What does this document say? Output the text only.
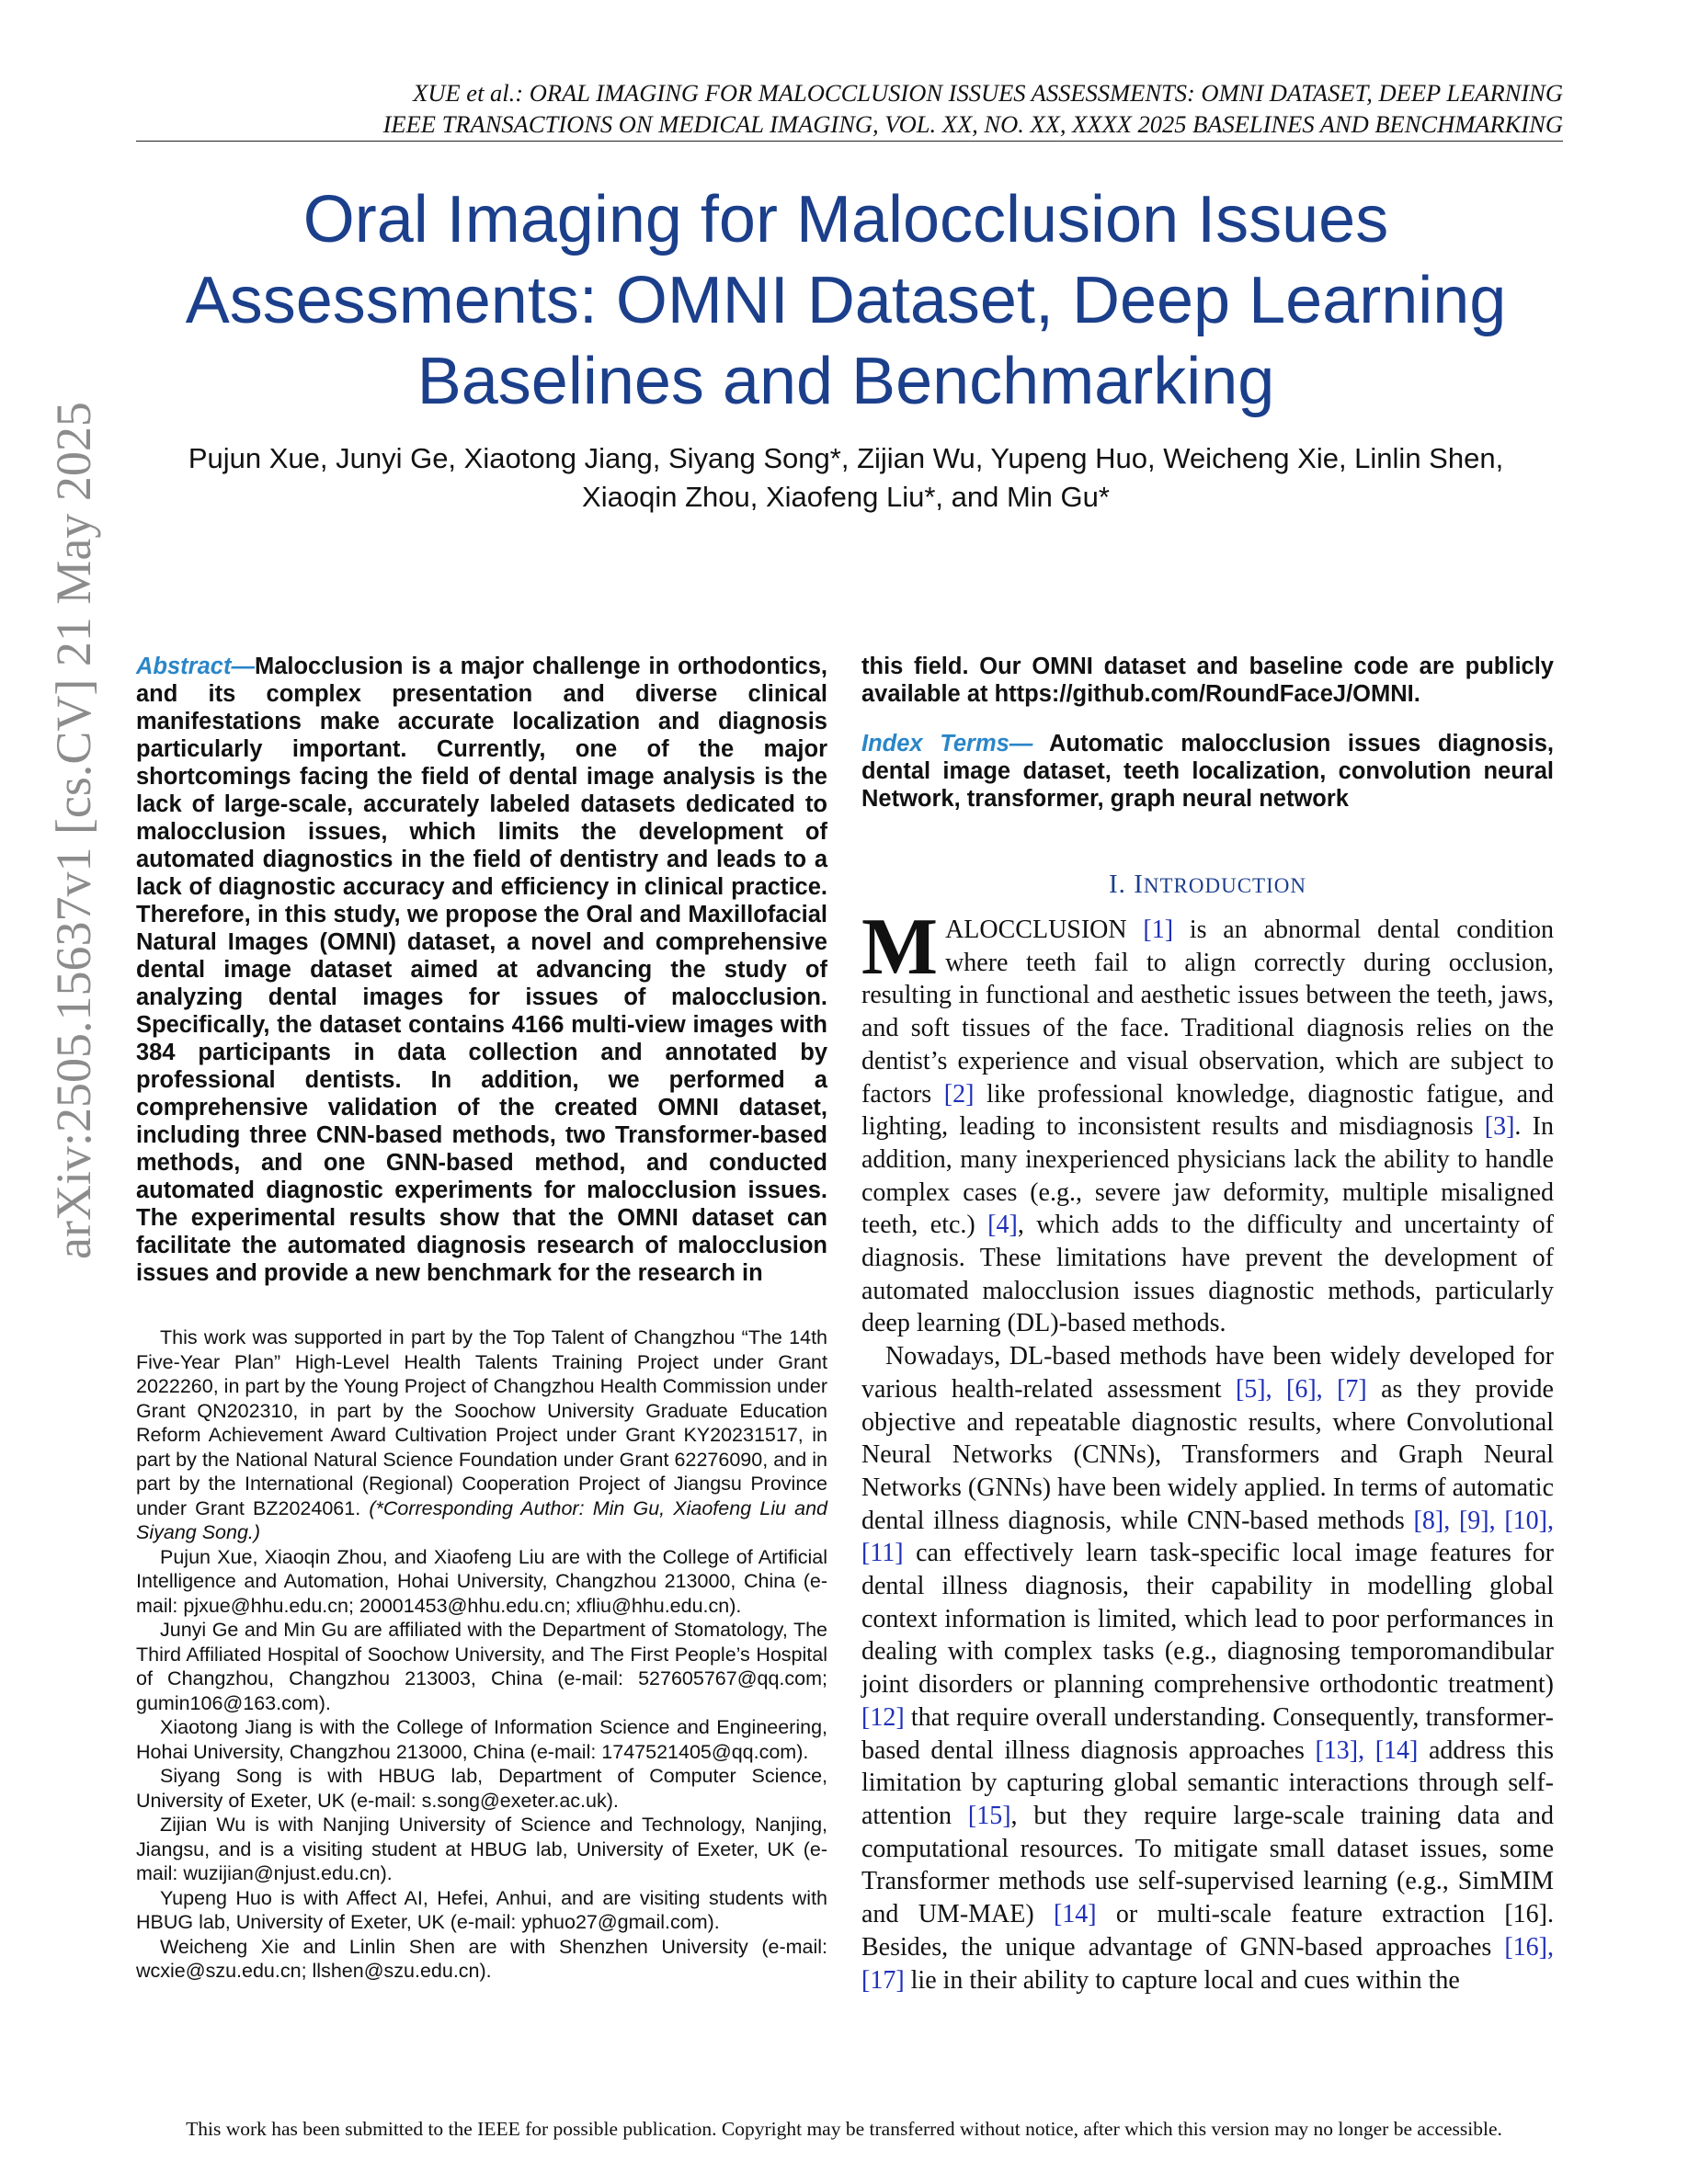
XUE et al.: ORAL IMAGING FOR MALOCCLUSION ISSUES ASSESSMENTS: OMNI DATASET, DEEP LEARNING
IEEE TRANSACTIONS ON MEDICAL IMAGING, VOL. XX, NO. XX, XXXX 2025 BASELINES AND BENCHMARKING
arXiv:2505.15637v1 [cs.CV] 21 May 2025
Oral Imaging for Malocclusion Issues Assessments: OMNI Dataset, Deep Learning Baselines and Benchmarking
Pujun Xue, Junyi Ge, Xiaotong Jiang, Siyang Song*, Zijian Wu, Yupeng Huo, Weicheng Xie, Linlin Shen,
Xiaoqin Zhou, Xiaofeng Liu*, and Min Gu*
Abstract—Malocclusion is a major challenge in orthodontics, and its complex presentation and diverse clinical manifestations make accurate localization and diagnosis particularly important. Currently, one of the major shortcomings facing the field of dental image analysis is the lack of large-scale, accurately labeled datasets dedicated to malocclusion issues, which limits the development of automated diagnostics in the field of dentistry and leads to a lack of diagnostic accuracy and efficiency in clinical practice. Therefore, in this study, we propose the Oral and Maxillofacial Natural Images (OMNI) dataset, a novel and comprehensive dental image dataset aimed at advancing the study of analyzing dental images for issues of malocclusion. Specifically, the dataset contains 4166 multi-view images with 384 participants in data collection and annotated by professional dentists. In addition, we performed a comprehensive validation of the created OMNI dataset, including three CNN-based methods, two Transformer-based methods, and one GNN-based method, and conducted automated diagnostic experiments for malocclusion issues. The experimental results show that the OMNI dataset can facilitate the automated diagnosis research of malocclusion issues and provide a new benchmark for the research in
this field. Our OMNI dataset and baseline code are publicly available at https://github.com/RoundFaceJ/OMNI.
Index Terms— Automatic malocclusion issues diagnosis, dental image dataset, teeth localization, convolution neural Network, transformer, graph neural network

This work was supported in part by the Top Talent of Changzhou “The 14th Five-Year Plan” High-Level Health Talents Training Project under Grant 2022260, in part by the Young Project of Changzhou Health Commission under Grant QN202310, in part by the Soochow University Graduate Education Reform Achievement Award Cultivation Project under Grant KY20231517, in part by the National Natural Science Foundation under Grant 62276090, and in part by the International (Regional) Cooperation Project of Jiangsu Province under Grant BZ2024061. (*Corresponding Author: Min Gu, Xiaofeng Liu and Siyang Song.)

Pujun Xue, Xiaoqin Zhou, and Xiaofeng Liu are with the College of Artificial Intelligence and Automation, Hohai University, Changzhou 213000, China (e-mail: pjxue@hhu.edu.cn; 20001453@hhu.edu.cn; xfliu@hhu.edu.cn).

Junyi Ge and Min Gu are affiliated with the Department of Stomatology, The Third Affiliated Hospital of Soochow University, and The First People’s Hospital of Changzhou, Changzhou 213003, China (e-mail: 527605767@qq.com; gumin106@163.com).

Xiaotong Jiang is with the College of Information Science and Engineering, Hohai University, Changzhou 213000, China (e-mail: 1747521405@qq.com).

Siyang Song is with HBUG lab, Department of Computer Science, University of Exeter, UK (e-mail: s.song@exeter.ac.uk).

Zijian Wu is with Nanjing University of Science and Technology, Nanjing, Jiangsu, and is a visiting student at HBUG lab, University of Exeter, UK (e-mail: wuzijian@njust.edu.cn).

Yupeng Huo is with Affect AI, Hefei, Anhui, and are visiting students with HBUG lab, University of Exeter, UK (e-mail: yphuo27@gmail.com).

Weicheng Xie and Linlin Shen are with Shenzhen University (e-mail: wcxie@szu.edu.cn; llshen@szu.edu.cn).

I. INTRODUCTION

MALOCCLUSION [1] is an abnormal dental condition where teeth fail to align correctly during occlusion, resulting in functional and aesthetic issues between the teeth, jaws, and soft tissues of the face. Traditional diagnosis relies on the dentist’s experience and visual observation, which are subject to factors [2] like professional knowledge, diagnostic fatigue, and lighting, leading to inconsistent results and misdiagnosis [3]. In addition, many inexperienced physicians lack the ability to handle complex cases (e.g., severe jaw deformity, multiple misaligned teeth, etc.) [4], which adds to the difficulty and uncertainty of diagnosis. These limitations have prevent the development of automated malocclusion issues diagnostic methods, particularly deep learning (DL)-based methods.

Nowadays, DL-based methods have been widely developed for various health-related assessment [5], [6], [7] as they provide objective and repeatable diagnostic results, where Convolutional Neural Networks (CNNs), Transformers and Graph Neural Networks (GNNs) have been widely applied. In terms of automatic dental illness diagnosis, while CNN-based methods [8], [9], [10], [11] can effectively learn task-specific local image features for dental illness diagnosis, their capability in modelling global context information is limited, which lead to poor performances in dealing with complex tasks (e.g., diagnosing temporomandibular joint disorders or planning comprehensive orthodontic treatment) [12] that require overall understanding. Consequently, transformer-based dental illness diagnosis approaches [13], [14] address this limitation by capturing global semantic interactions through self-attention [15], but they require large-scale training data and computational resources. To mitigate small dataset issues, some Transformer methods use self-supervised learning (e.g., SimMIM and UM-MAE) [14] or multi-scale feature extraction [16]. Besides, the unique advantage of GNN-based approaches [16], [17] lie in their ability to capture local and cues within the

This work has been submitted to the IEEE for possible publication. Copyright may be transferred without notice, after which this version may no longer be accessible.
